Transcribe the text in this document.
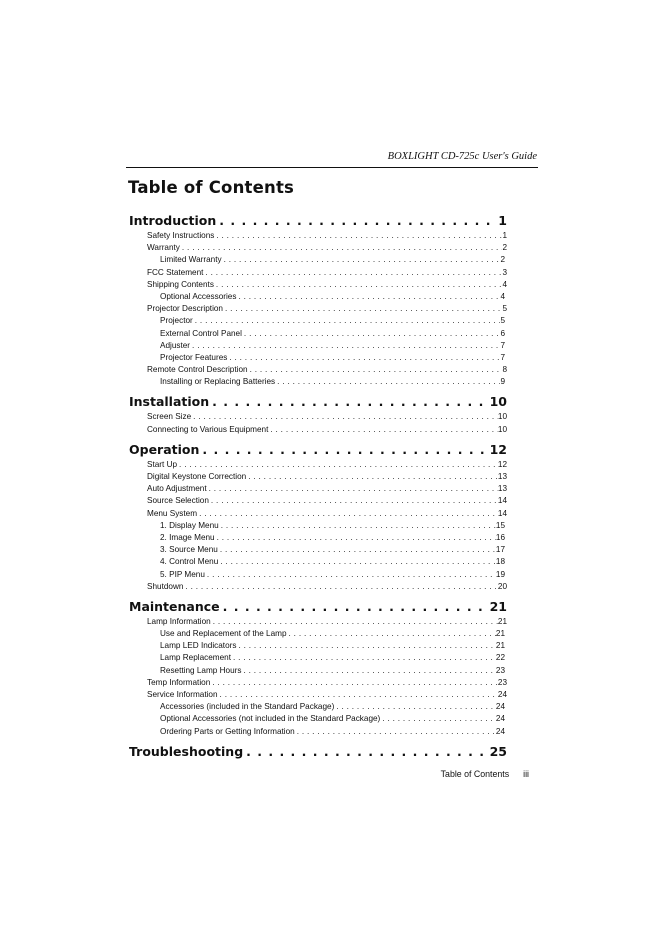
BOXLIGHT CD-725c User's Guide
Table of Contents
Introduction . . .	1
Safety Instructions . . .	1
Warranty . . .	2
Limited Warranty . . .	2
FCC Statement . . .	3
Shipping Contents . . .	4
Optional Accessories . . .	4
Projector Description . . .	5
Projector . . .	5
External Control Panel . . .	6
Adjuster . . .	7
Projector Features . . .	7
Remote Control Description . . .	8
Installing or Replacing Batteries . . .	9
Installation . . .	10
Screen Size . . .	10
Connecting to Various Equipment . . .	10
Operation . . .	12
Start Up . . .	12
Digital Keystone Correction . . .	13
Auto Adjustment . . .	13
Source Selection . . .	14
Menu System . . .	14
1. Display Menu . . .	15
2. Image Menu . . .	16
3. Source Menu . . .	17
4. Control Menu . . .	18
5. PIP Menu . . .	19
Shutdown . . .	20
Maintenance . . .	21
Lamp Information . . .	21
Use and Replacement of the Lamp . . .	21
Lamp LED Indicators . . .	21
Lamp Replacement . . .	22
Resetting Lamp Hours . . .	23
Temp Information . . .	23
Service Information . . .	24
Accessories (included in the Standard Package) . . .	24
Optional Accessories (not included in the Standard Package) . . .	24
Ordering Parts or Getting Information . . .	24
Troubleshooting . . .	25
Table of Contents iii
